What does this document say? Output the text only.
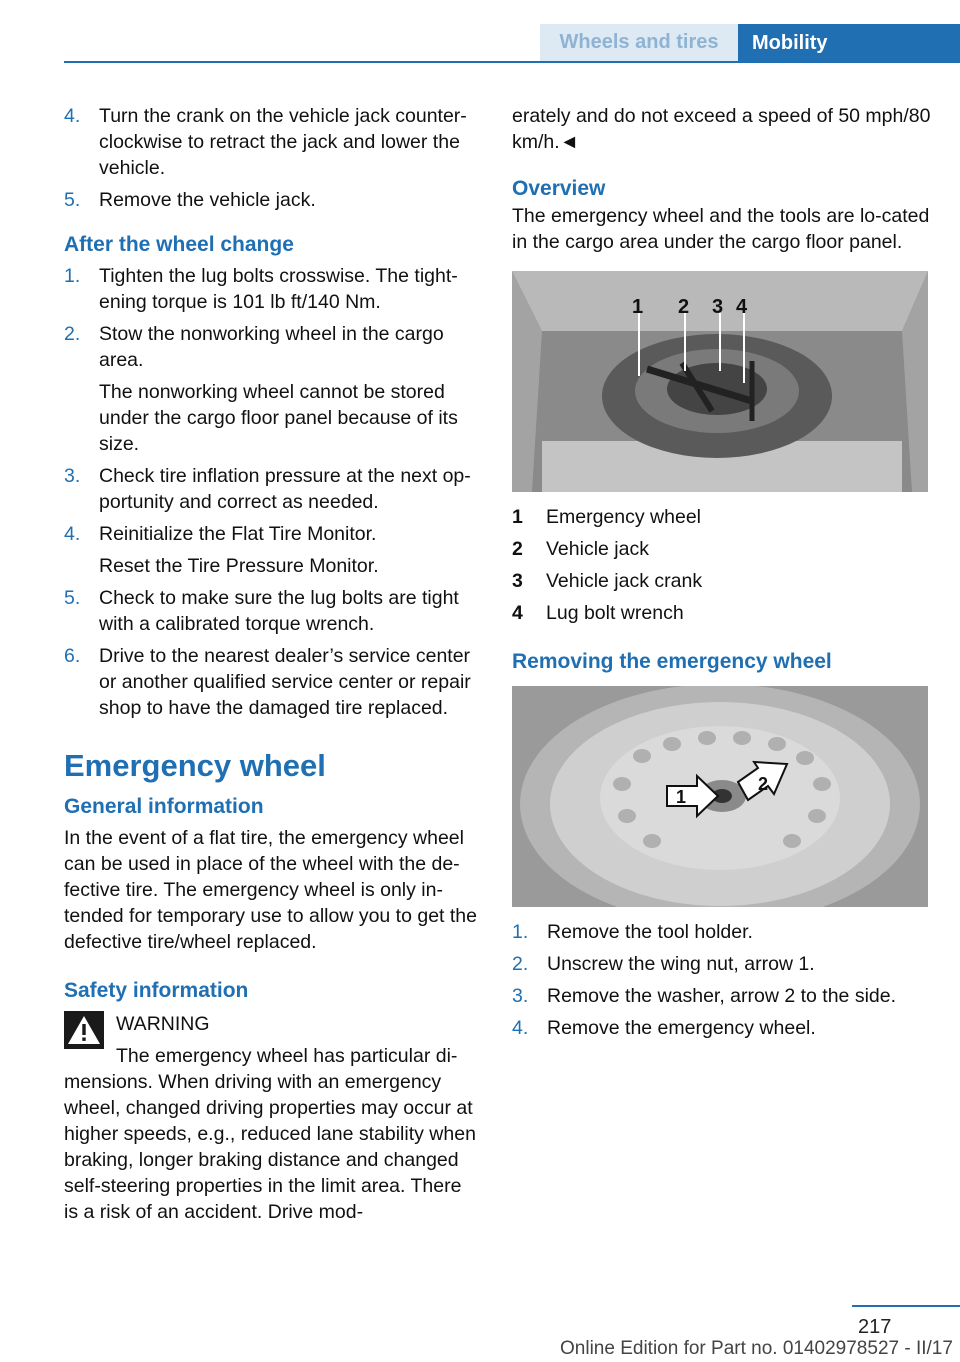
Wheels and tires	Mobility
4. Turn the crank on the vehicle jack counter-clockwise to retract the jack and lower the vehicle.

5. Remove the vehicle jack.

After the wheel change
1. Tighten the lug bolts crosswise. The tight-ening torque is 101 lb ft/140 Nm.

2. Stow the nonworking wheel in the cargo area.

The nonworking wheel cannot be stored under the cargo floor panel because of its size.

3. Check tire inflation pressure at the next op-portunity and correct as needed.

4. Reinitialize the Flat Tire Monitor.

Reset the Tire Pressure Monitor.

5. Check to make sure the lug bolts are tight with a calibrated torque wrench.

6. Drive to the nearest dealer’s service center or another qualified service center or repair shop to have the damaged tire replaced.

Emergency wheel
General information

In the event of a flat tire, the emergency wheel can be used in place of the wheel with the de-fective tire. The emergency wheel is only in-tended for temporary use to allow you to get the defective tire/wheel replaced.

Safety information
WARNING
The emergency wheel has particular di-
mensions. When driving with an emergency wheel, changed driving properties may occur at higher speeds, e.g., reduced lane stability when braking, longer braking distance and changed self-steering properties in the limit area. There is a risk of an accident. Drive mod-

erately and do not exceed a speed of 50 mph/80 km/h.◄

Overview

The emergency wheel and the tools are lo-cated in the cargo area under the cargo floor panel.

1 2 3 4
1	Emergency wheel
2	Vehicle jack
3	Vehicle jack crank
4	Lug bolt wrench
Removing the emergency wheel
1
2
1. Remove the tool holder.
2. Unscrew the wing nut, arrow 1.
3. Remove the washer, arrow 2 to the side.
4. Remove the emergency wheel.
217
Online Edition for Part no. 01402978527 - II/17
